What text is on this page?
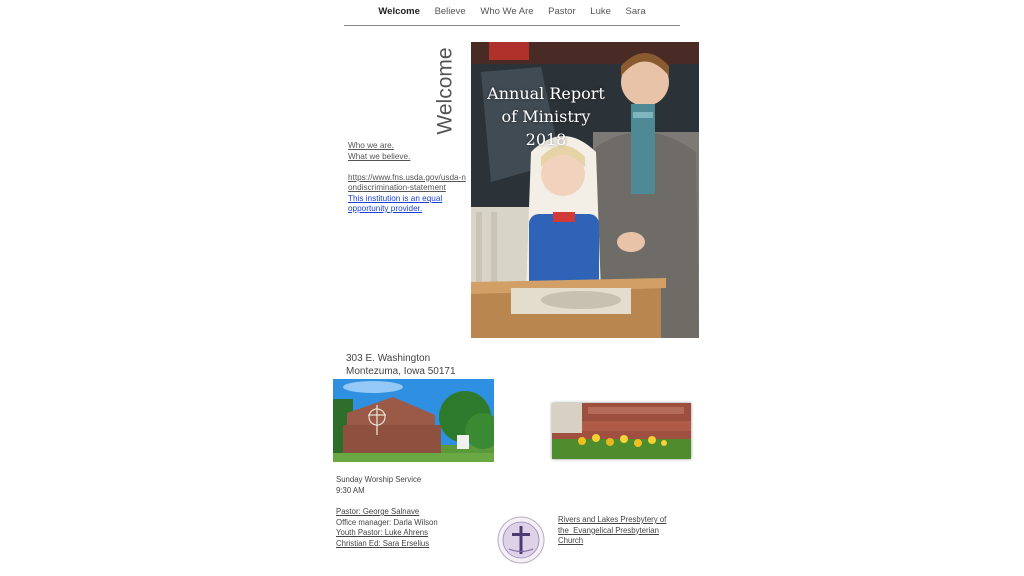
Welcome Believe Who We Are Pastor Luke Sara
Welcome
Who we are.
What we believe.
https://www.fns.usda.gov/usda-nondiscrimination-statement
This institution is an equal opportunity provider.
Annual Report
of Ministry
2018
303 E. Washington
Montezuma, Iowa 50171
Sunday Worship Service
9:30 AM
Pastor: George Salnave
Office manager: Darla Wilson
Youth Pastor: Luke Ahrens
Christian Ed: Sara Erselius
Rivers and Lakes Presbytery of
the  Evangelical Presbyterian
Church
